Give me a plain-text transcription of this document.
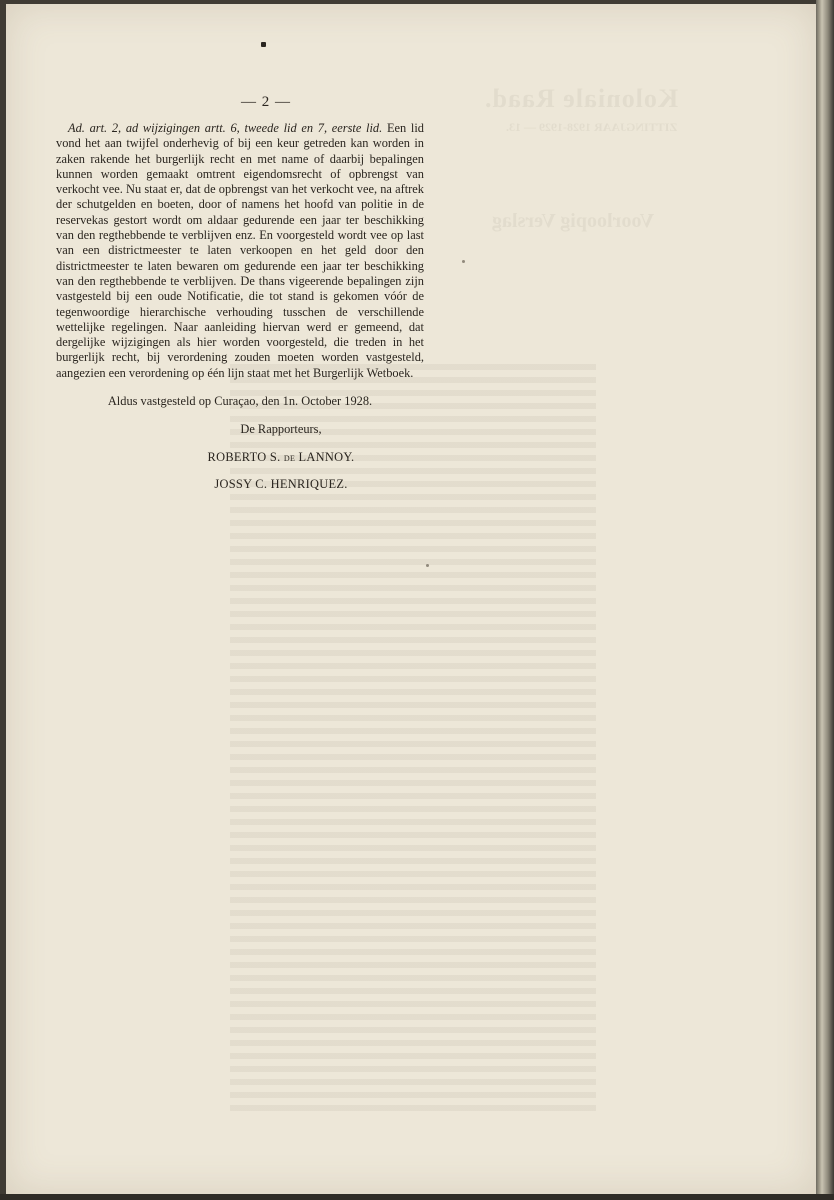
Koloniale Raad.
ZITTINGJAAR 1928-1929 — 13.
Voorloopig Verslag
— 2 —

Ad. art. 2, ad wijzigingen artt. 6, tweede lid en 7, eerste lid. Een lid vond het aan twijfel onderhevig of bij een keur getreden kan worden in zaken rakende het burgerlijk recht en met name of daarbij bepalingen kunnen worden gemaakt omtrent eigendomsrecht of opbrengst van verkocht vee. Nu staat er, dat de opbrengst van het verkocht vee, na aftrek der schutgelden en boeten, door of namens het hoofd van politie in de reservekas gestort wordt om aldaar gedurende een jaar ter beschikking van den regthebbende te verblijven enz. En voorgesteld wordt vee op last van een districtmeester te laten verkoopen en het geld door den districtmeester te laten bewaren om gedurende een jaar ter beschikking van den regthebbende te verblijven. De thans vigeerende bepalingen zijn vastgesteld bij een oude Notificatie, die tot stand is gekomen vóór de tegenwoordige hierarchische verhouding tusschen de verschillende wettelijke regelingen. Naar aanleiding hiervan werd er gemeend, dat dergelijke wijzigingen als hier worden voorgesteld, die treden in het burgerlijk recht, bij verordening zouden moeten worden vastgesteld, aangezien een verordening op één lijn staat met het Burgerlijk Wetboek.

Aldus vastgesteld op Curaçao, den 1n. October 1928.
De Rapporteurs,
ROBERTO S. de LANNOY.
JOSSY C. HENRIQUEZ.
